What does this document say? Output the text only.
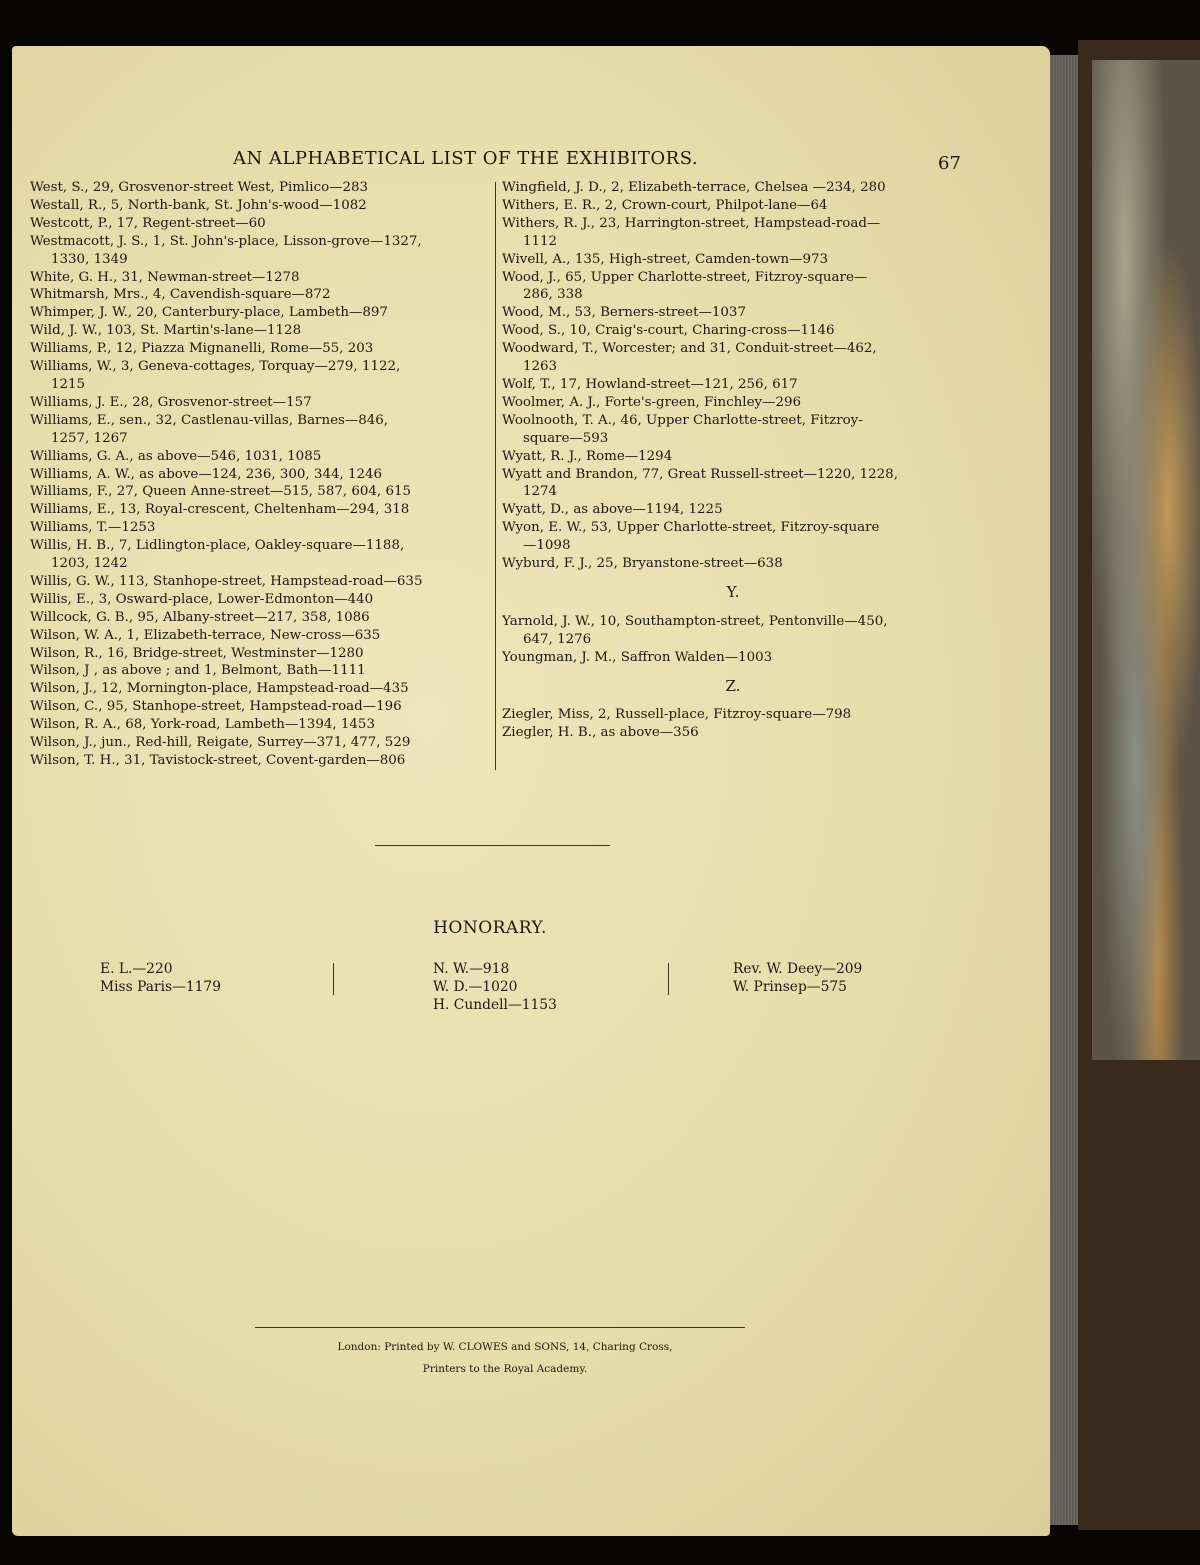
AN ALPHABETICAL LIST OF THE EXHIBITORS.	67
West, S., 29, Grosvenor-street West, Pimlico—283
Westall, R., 5, North-bank, St. John's-wood—1082
Westcott, P., 17, Regent-street—60
Westmacott, J. S., 1, St. John's-place, Lisson-grove—1327,
1330, 1349
White, G. H., 31, Newman-street—1278
Whitmarsh, Mrs., 4, Cavendish-square—872
Whimper, J. W., 20, Canterbury-place, Lambeth—897
Wild, J. W., 103, St. Martin's-lane—1128
Williams, P., 12, Piazza Mignanelli, Rome—55, 203
Williams, W., 3, Geneva-cottages, Torquay—279, 1122,
1215
Williams, J. E., 28, Grosvenor-street—157
Williams, E., sen., 32, Castlenau-villas, Barnes—846,
1257, 1267
Williams, G. A., as above—546, 1031, 1085
Williams, A. W., as above—124, 236, 300, 344, 1246
Williams, F., 27, Queen Anne-street—515, 587, 604, 615
Williams, E., 13, Royal-crescent, Cheltenham—294, 318
Williams, T.—1253
Willis, H. B., 7, Lidlington-place, Oakley-square—1188,
1203, 1242
Willis, G. W., 113, Stanhope-street, Hampstead-road—635
Willis, E., 3, Osward-place, Lower-Edmonton—440
Willcock, G. B., 95, Albany-street—217, 358, 1086
Wilson, W. A., 1, Elizabeth-terrace, New-cross—635
Wilson, R., 16, Bridge-street, Westminster—1280
Wilson, J , as above ; and 1, Belmont, Bath—1111
Wilson, J., 12, Mornington-place, Hampstead-road—435
Wilson, C., 95, Stanhope-street, Hampstead-road—196
Wilson, R. A., 68, York-road, Lambeth—1394, 1453
Wilson, J., jun., Red-hill, Reigate, Surrey—371, 477, 529
Wilson, T. H., 31, Tavistock-street, Covent-garden—806
Wingfield, J. D., 2, Elizabeth-terrace, Chelsea —234, 280
Withers, E. R., 2, Crown-court, Philpot-lane—64
Withers, R. J., 23, Harrington-street, Hampstead-road—
1112
Wivell, A., 135, High-street, Camden-town—973
Wood, J., 65, Upper Charlotte-street, Fitzroy-square—
286, 338
Wood, M., 53, Berners-street—1037
Wood, S., 10, Craig's-court, Charing-cross—1146
Woodward, T., Worcester; and 31, Conduit-street—462,
1263
Wolf, T., 17, Howland-street—121, 256, 617
Woolmer, A. J., Forte's-green, Finchley—296
Woolnooth, T. A., 46, Upper Charlotte-street, Fitzroy-
square—593
Wyatt, R. J., Rome—1294
Wyatt and Brandon, 77, Great Russell-street—1220, 1228,
1274
Wyatt, D., as above—1194, 1225
Wyon, E. W., 53, Upper Charlotte-street, Fitzroy-square
—1098
Wyburd, F. J., 25, Bryanstone-street—638
Y.
Yarnold, J. W., 10, Southampton-street, Pentonville—450,
647, 1276
Youngman, J. M., Saffron Walden—1003
Z.
Ziegler, Miss, 2, Russell-place, Fitzroy-square—798
Ziegler, H. B., as above—356
HONORARY.
E. L.—220
Miss Paris—1179
N. W.—918
W. D.—1020
H. Cundell—1153
Rev. W. Deey—209
W. Prinsep—575
London: Printed by W. CLOWES and SONS, 14, Charing Cross,
Printers to the Royal Academy.
